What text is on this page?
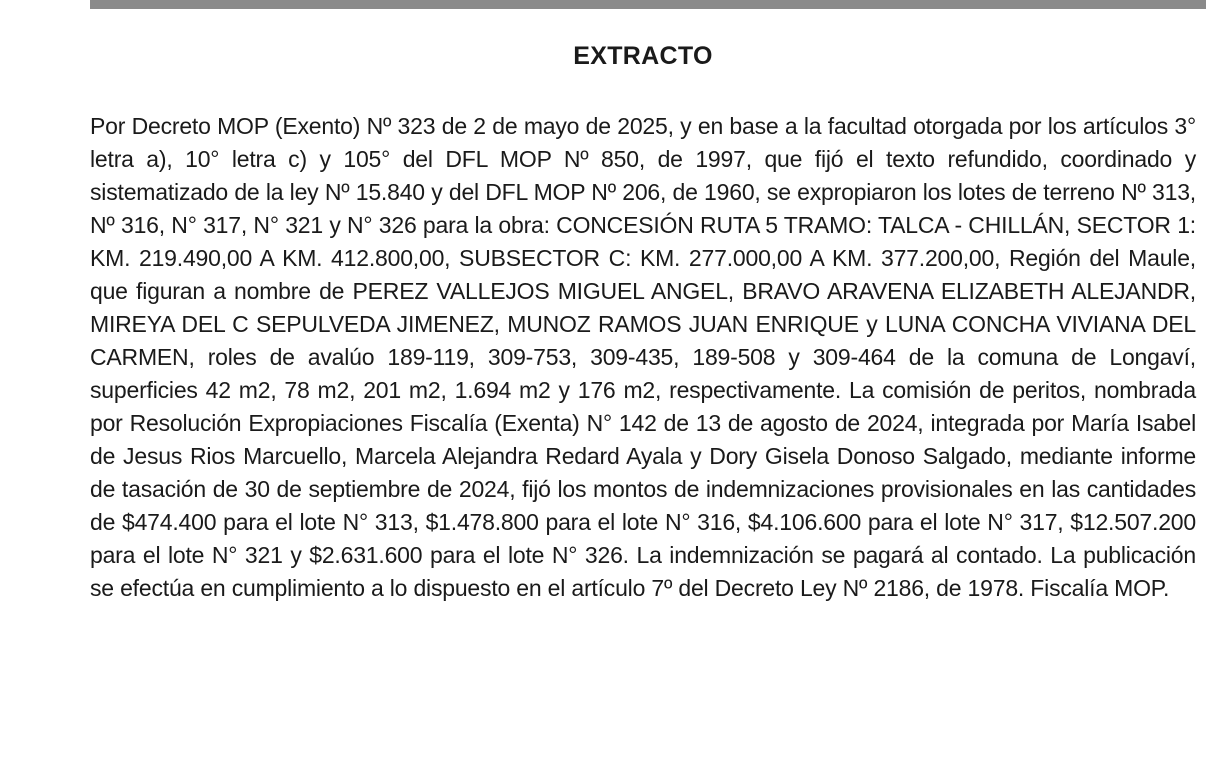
EXTRACTO

Por Decreto MOP (Exento) Nº 323 de 2 de mayo de 2025, y en base a la facultad otorgada por los artículos 3° letra a), 10° letra c) y 105° del DFL MOP Nº 850, de 1997, que fijó el texto refundido, coordinado y sistematizado de la ley Nº 15.840 y del DFL MOP Nº 206, de 1960, se expropiaron los lotes de terreno Nº 313, Nº 316, N° 317, N° 321 y N° 326 para la obra: CONCESIÓN RUTA 5 TRAMO: TALCA - CHILLÁN, SECTOR 1: KM. 219.490,00 A KM. 412.800,00, SUBSECTOR C: KM. 277.000,00 A KM. 377.200,00, Región del Maule, que figuran a nombre de PEREZ VALLEJOS MIGUEL ANGEL, BRAVO ARAVENA ELIZABETH ALEJANDR, MIREYA DEL C SEPULVEDA JIMENEZ, MUNOZ RAMOS JUAN ENRIQUE y LUNA CONCHA VIVIANA DEL CARMEN, roles de avalúo 189-119, 309-753, 309-435, 189-508 y 309-464 de la comuna de Longaví, superficies 42 m2, 78 m2, 201 m2, 1.694 m2 y 176 m2, respectivamente. La comisión de peritos, nombrada por Resolución Expropiaciones Fiscalía (Exenta) N° 142 de 13 de agosto de 2024, integrada por María Isabel de Jesus Rios Marcuello, Marcela Alejandra Redard Ayala y Dory Gisela Donoso Salgado, mediante informe de tasación de 30 de septiembre de 2024, fijó los montos de indemnizaciones provisionales en las cantidades de $474.400 para el lote N° 313, $1.478.800 para el lote N° 316, $4.106.600 para el lote N° 317, $12.507.200 para el lote N° 321 y $2.631.600 para el lote N° 326. La indemnización se pagará al contado. La publicación se efectúa en cumplimiento a lo dispuesto en el artículo 7º del Decreto Ley Nº 2186, de 1978. Fiscalía MOP.
